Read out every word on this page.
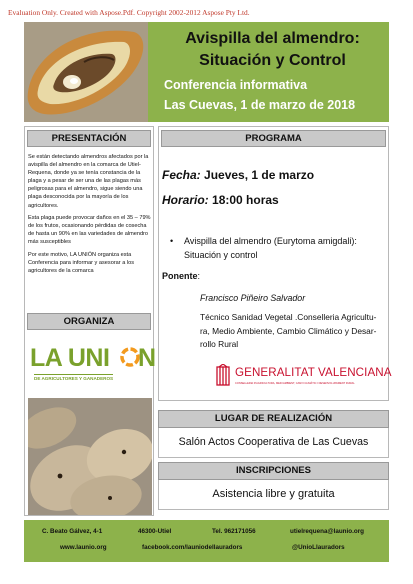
Evaluation Only. Created with Aspose.Pdf. Copyright 2002-2012 Aspose Pty Ltd.
Avispilla del almendro:
Situación y Control
Conferencia informativa
Las Cuevas, 1 de marzo de 2018
PRESENTACIÓN

Se están detectando almendros afectados por la avispilla del almendro en la comarca de Utiel-Requena, donde ya se tenía constancia de la plaga y a pesar de ser una de las plagas más peligrosas para el almendro, sigue siendo una plaga desconocida por la mayoría de los agricultores.

Esta plaga puede provocar daños en el 35 – 79% de los frutos, ocasionando pérdidas de cosecha de hasta un 90% en las variedades de almendro más susceptibles

Por este motivo, LA UNIÓN organiza esta Conferencia para informar y asesorar a los agricultores de la comarca

ORGANIZA
LA UNI N
DE AGRICULTORES Y GANADEROS
PROGRAMA
Fecha: Jueves, 1 de marzo
Horario: 18:00 horas
• Avispilla del almendro (Eurytoma amigdali):
Situación y control
Ponente:
Francisco Piñeiro Salvador
Técnico Sanidad Vegetal .Conselleria Agricultu-
ra, Medio Ambiente, Cambio Climático y Desar-
rollo Rural
GENERALITAT VALENCIANA
CONSELLERIA D'AGRICULTURA, MEDI AMBIENT, CANVI CLIMÀTIC I DESENVOLUPAMENT RURAL
LUGAR DE REALIZACIÓN
Salón Actos Cooperativa de Las Cuevas
INSCRIPCIONES
Asistencia libre y gratuita
C. Beato Gálvez, 4-1	46300-Utiel	Tel. 962171056	utielrequena@launio.org
www.launio.org	facebook.com/launiodellauradors	@UnioLlauradors
